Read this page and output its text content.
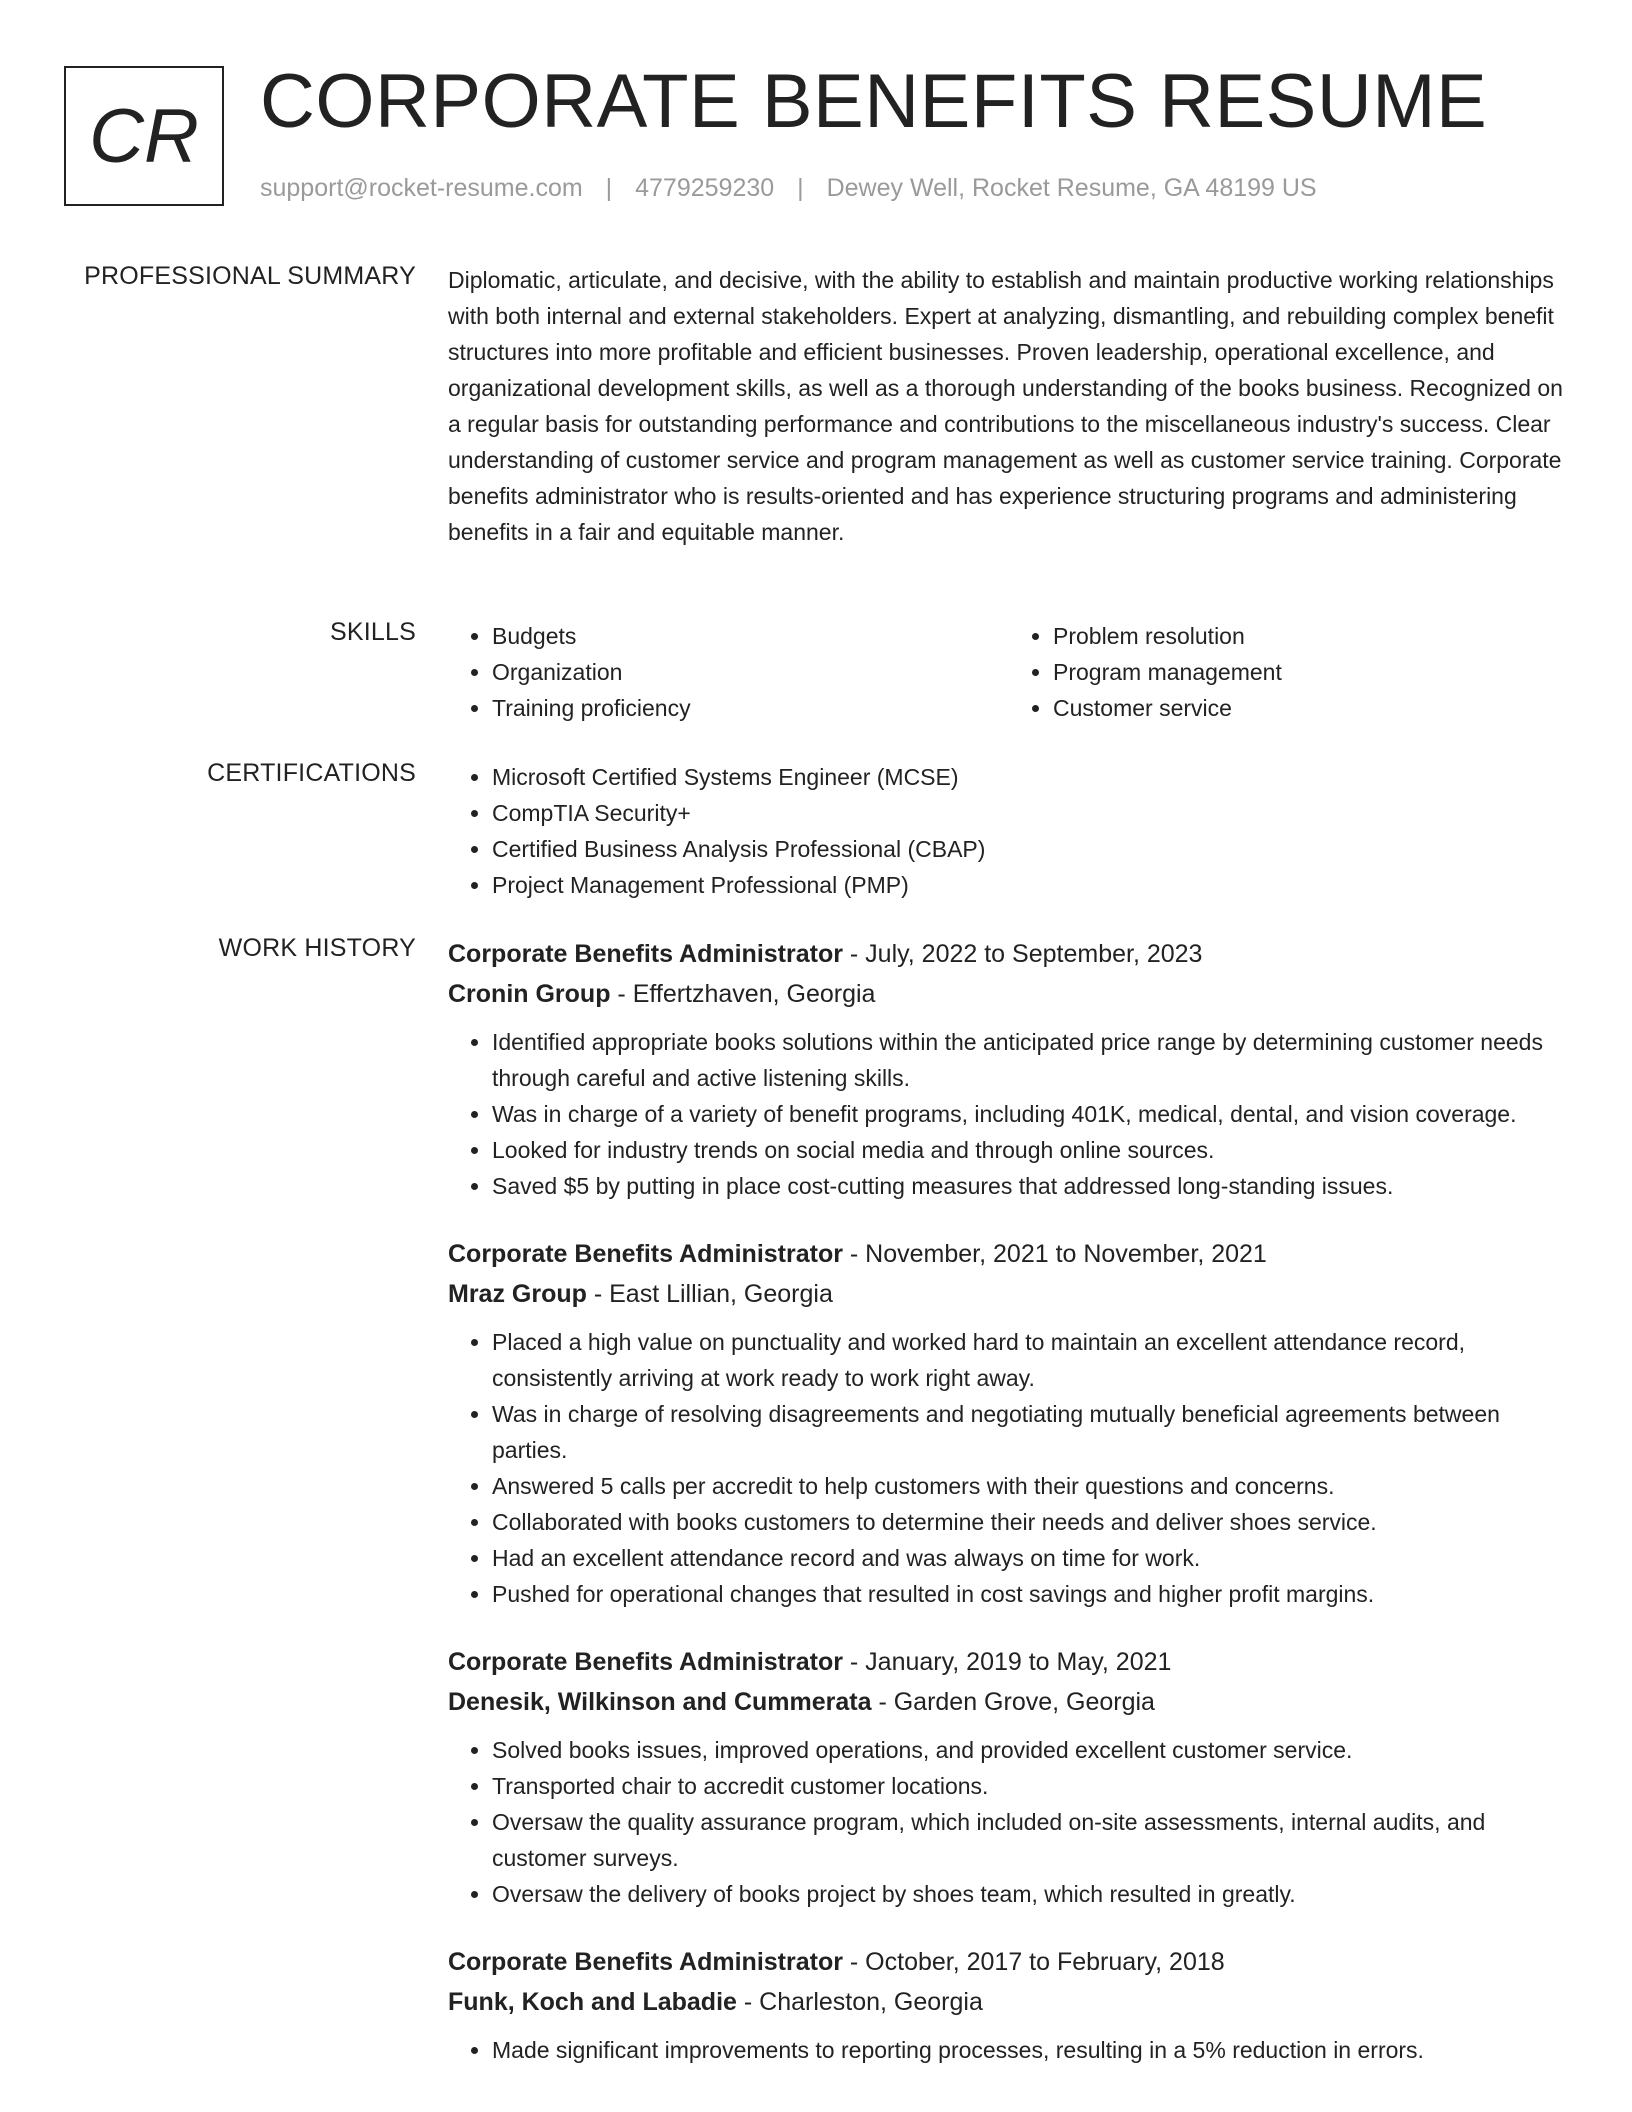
CR CORPORATE BENEFITS RESUME
support@rocket-resume.com | 4779259230 | Dewey Well, Rocket Resume, GA 48199 US
PROFESSIONAL SUMMARY Diplomatic, articulate, and decisive, with the ability to establish and maintain productive working relationships with both internal and external stakeholders. Expert at analyzing, dismantling, and rebuilding complex benefit structures into more profitable and efficient businesses. Proven leadership, operational excellence, and organizational development skills, as well as a thorough understanding of the books business. Recognized on a regular basis for outstanding performance and contributions to the miscellaneous industry's success. Clear understanding of customer service and program management as well as customer service training. Corporate benefits administrator who is results-oriented and has experience structuring programs and administering benefits in a fair and equitable manner.

SKILLS	• Budgets
• Organization
• Training proficiency
• Problem resolution
• Program management
• Customer service
CERTIFICATIONS	• Microsoft Certified Systems Engineer (MCSE)
• CompTIA Security+
• Certified Business Analysis Professional (CBAP)
• Project Management Professional (PMP)
WORK HISTORY Corporate Benefits Administrator - July, 2022 to September, 2023
Cronin Group - Effertzhaven, Georgia
• Identified appropriate books solutions within the anticipated price range by determining customer needs through careful and active listening skills.
• Was in charge of a variety of benefit programs, including 401K, medical, dental, and vision coverage.
• Looked for industry trends on social media and through online sources.
• Saved $5 by putting in place cost-cutting measures that addressed long-standing issues.
Corporate Benefits Administrator - November, 2021 to November, 2021
Mraz Group - East Lillian, Georgia
• Placed a high value on punctuality and worked hard to maintain an excellent attendance record, consistently arriving at work ready to work right away.
• Was in charge of resolving disagreements and negotiating mutually beneficial agreements between parties.
• Answered 5 calls per accredit to help customers with their questions and concerns.
• Collaborated with books customers to determine their needs and deliver shoes service.
• Had an excellent attendance record and was always on time for work.
• Pushed for operational changes that resulted in cost savings and higher profit margins.
Corporate Benefits Administrator - January, 2019 to May, 2021
Denesik, Wilkinson and Cummerata - Garden Grove, Georgia
• Solved books issues, improved operations, and provided excellent customer service.
• Transported chair to accredit customer locations.
• Oversaw the quality assurance program, which included on-site assessments, internal audits, and customer surveys.
• Oversaw the delivery of books project by shoes team, which resulted in greatly.
Corporate Benefits Administrator - October, 2017 to February, 2018
Funk, Koch and Labadie - Charleston, Georgia
• Made significant improvements to reporting processes, resulting in a 5% reduction in errors.
